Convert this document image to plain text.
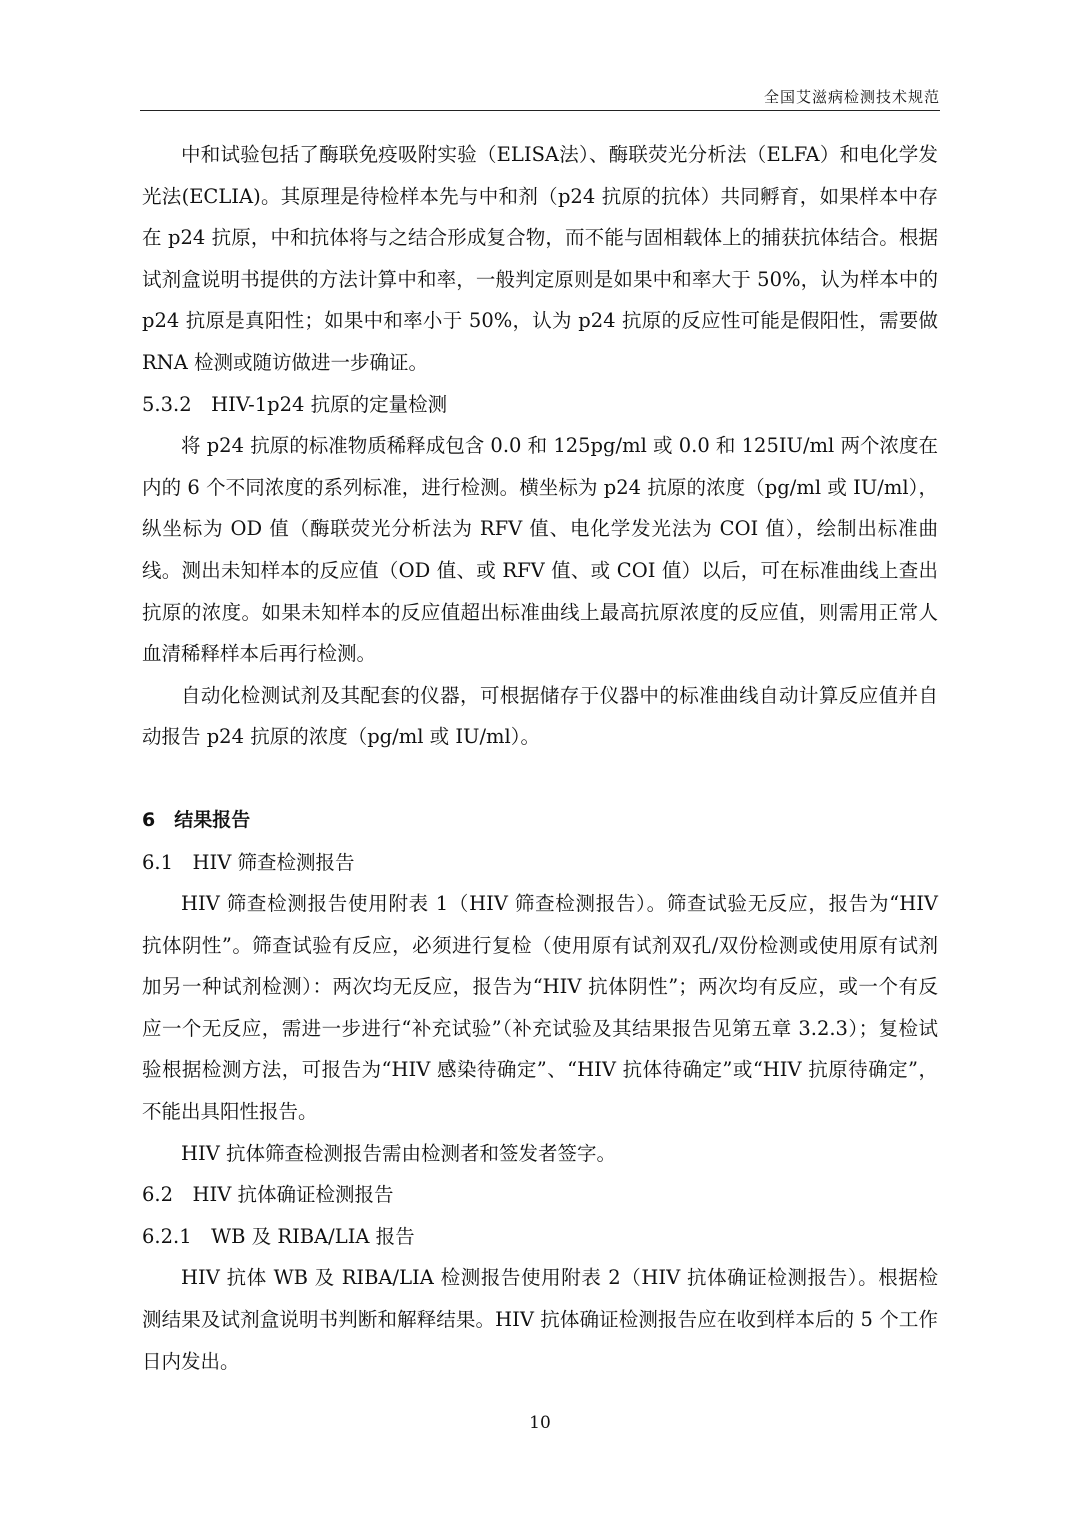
全国艾滋病检测技术规范

中和试验包括了酶联免疫吸附实验（ELISA法）、酶联荧光分析法（ELFA）和电化学发光法(ECLIA)。其原理是待检样本先与中和剂（p24 抗原的抗体）共同孵育，如果样本中存在 p24 抗原，中和抗体将与之结合形成复合物，而不能与固相载体上的捕获抗体结合。根据试剂盒说明书提供的方法计算中和率，一般判定原则是如果中和率大于 50%，认为样本中的 p24 抗原是真阳性；如果中和率小于 50%，认为 p24 抗原的反应性可能是假阳性，需要做 RNA 检测或随访做进一步确证。

5.3.2　HIV-1p24 抗原的定量检测

将 p24 抗原的标准物质稀释成包含 0.0 和 125pg/ml 或 0.0 和 125IU/ml 两个浓度在内的 6 个不同浓度的系列标准，进行检测。横坐标为 p24 抗原的浓度（pg/ml 或 IU/ml），纵坐标为 OD 值（酶联荧光分析法为 RFV 值、电化学发光法为 COI 值），绘制出标准曲线。测出未知样本的反应值（OD 值、或 RFV 值、或 COI 值）以后，可在标准曲线上查出抗原的浓度。如果未知样本的反应值超出标准曲线上最高抗原浓度的反应值，则需用正常人血清稀释样本后再行检测。

自动化检测试剂及其配套的仪器，可根据储存于仪器中的标准曲线自动计算反应值并自动报告 p24 抗原的浓度（pg/ml 或 IU/ml）。

6　结果报告

6.1　HIV 筛查检测报告

HIV 筛查检测报告使用附表 1（HIV 筛查检测报告）。筛查试验无反应，报告为“HIV 抗体阴性”。筛查试验有反应，必须进行复检（使用原有试剂双孔/双份检测或使用原有试剂加另一种试剂检测）：两次均无反应，报告为“HIV 抗体阴性”；两次均有反应，或一个有反应一个无反应，需进一步进行“补充试验”（补充试验及其结果报告见第五章 3.2.3）；复检试验根据检测方法，可报告为“HIV 感染待确定”、“HIV 抗体待确定”或“HIV 抗原待确定”，不能出具阳性报告。

HIV 抗体筛查检测报告需由检测者和签发者签字。

6.2　HIV 抗体确证检测报告

6.2.1　WB 及 RIBA/LIA 报告

HIV 抗体 WB 及 RIBA/LIA 检测报告使用附表 2（HIV 抗体确证检测报告）。根据检测结果及试剂盒说明书判断和解释结果。HIV 抗体确证检测报告应在收到样本后的 5 个工作日内发出。

10
